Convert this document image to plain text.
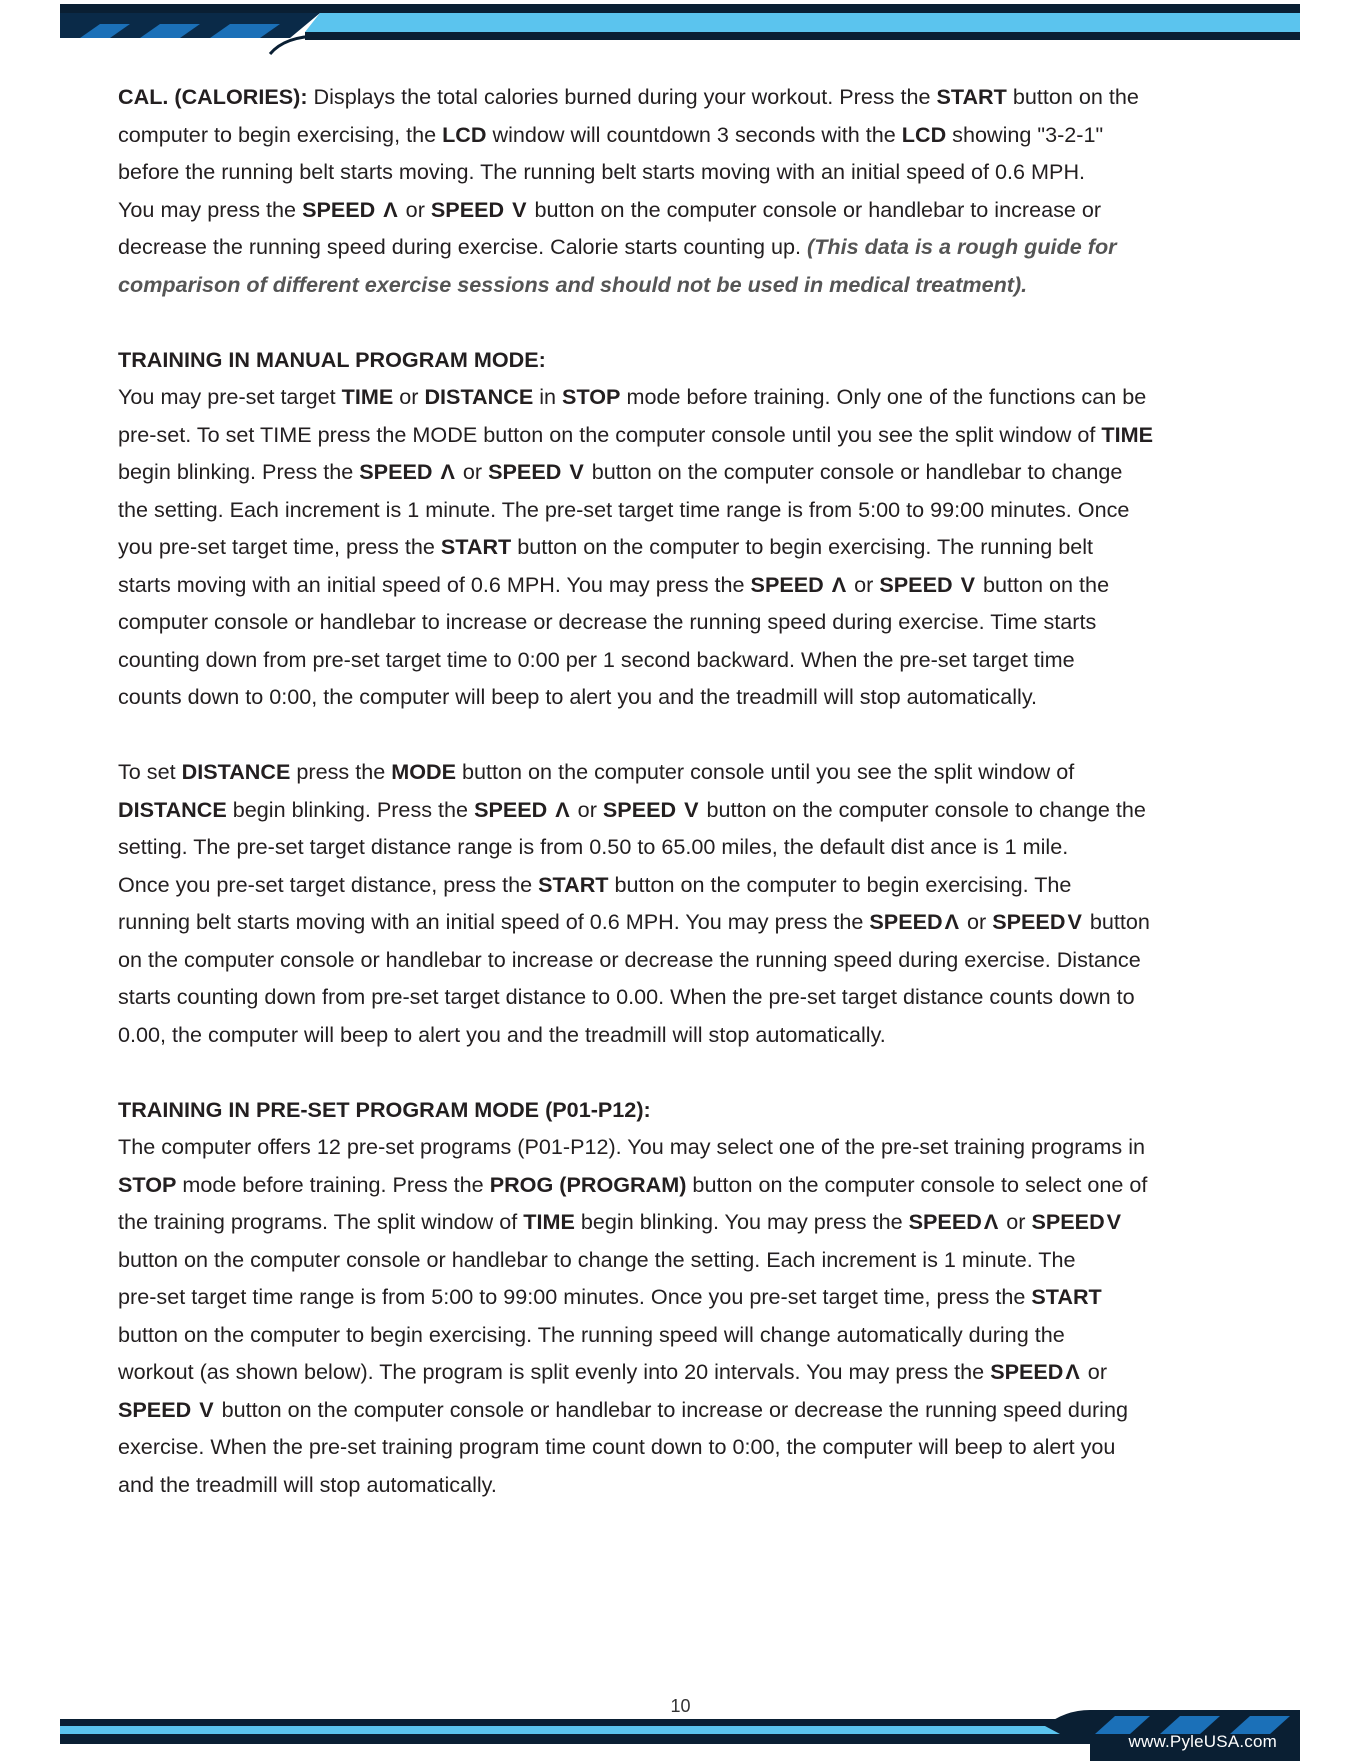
CAL. (CALORIES): Displays the total calories burned during your workout. Press the START button on the
computer to begin exercising, the LCD window will countdown 3 seconds with the LCD showing "3-2-1"
before the running belt starts moving. The running belt starts moving with an initial speed of 0.6 MPH.
You may press the SPEED Λ or SPEED V button on the computer console or handlebar to increase or
decrease the running speed during exercise. Calorie starts counting up. (This data is a rough guide for
comparison of different exercise sessions and should not be used in medical treatment).
TRAINING IN MANUAL PROGRAM MODE:
You may pre-set target TIME or DISTANCE in STOP mode before training. Only one of the functions can be
pre-set. To set TIME press the MODE button on the computer console until you see the split window of TIME
begin blinking. Press the SPEED Λ or SPEED V button on the computer console or handlebar to change
the setting. Each increment is 1 minute. The pre-set target time range is from 5:00 to 99:00 minutes. Once
you pre-set target time, press the START button on the computer to begin exercising. The running belt
starts moving with an initial speed of 0.6 MPH. You may press the SPEED Λ or SPEED V button on the
computer console or handlebar to increase or decrease the running speed during exercise. Time starts
counting down from pre-set target time to 0:00 per 1 second backward. When the pre-set target time
counts down to 0:00, the computer will beep to alert you and the treadmill will stop automatically.
To set DISTANCE press the MODE button on the computer console until you see the split window of
DISTANCE begin blinking. Press the SPEED Λ or SPEED V button on the computer console to change the
setting. The pre-set target distance range is from 0.50 to 65.00 miles, the default dist ance is 1 mile.
Once you pre-set target distance, press the START button on the computer to begin exercising. The
running belt starts moving with an initial speed of 0.6 MPH. You may press the SPEEDΛ or SPEEDV button
on the computer console or handlebar to increase or decrease the running speed during exercise. Distance
starts counting down from pre-set target distance to 0.00. When the pre-set target distance counts down to
0.00, the computer will beep to alert you and the treadmill will stop automatically.
TRAINING IN PRE-SET PROGRAM MODE (P01-P12):
The computer offers 12 pre-set programs (P01-P12). You may select one of the pre-set training programs in
STOP mode before training. Press the PROG (PROGRAM) button on the computer console to select one of
the training programs. The split window of TIME begin blinking. You may press the SPEEDΛ or SPEEDV
button on the computer console or handlebar to change the setting. Each increment is 1 minute. The
pre-set target time range is from 5:00 to 99:00 minutes. Once you pre-set target time, press the START
button on the computer to begin exercising. The running speed will change automatically during the
workout (as shown below). The program is split evenly into 20 intervals. You may press the SPEEDΛ or
SPEED V button on the computer console or handlebar to increase or decrease the running speed during
exercise. When the pre-set training program time count down to 0:00, the computer will beep to alert you
and the treadmill will stop automatically.
10
www.PyleUSA.com
